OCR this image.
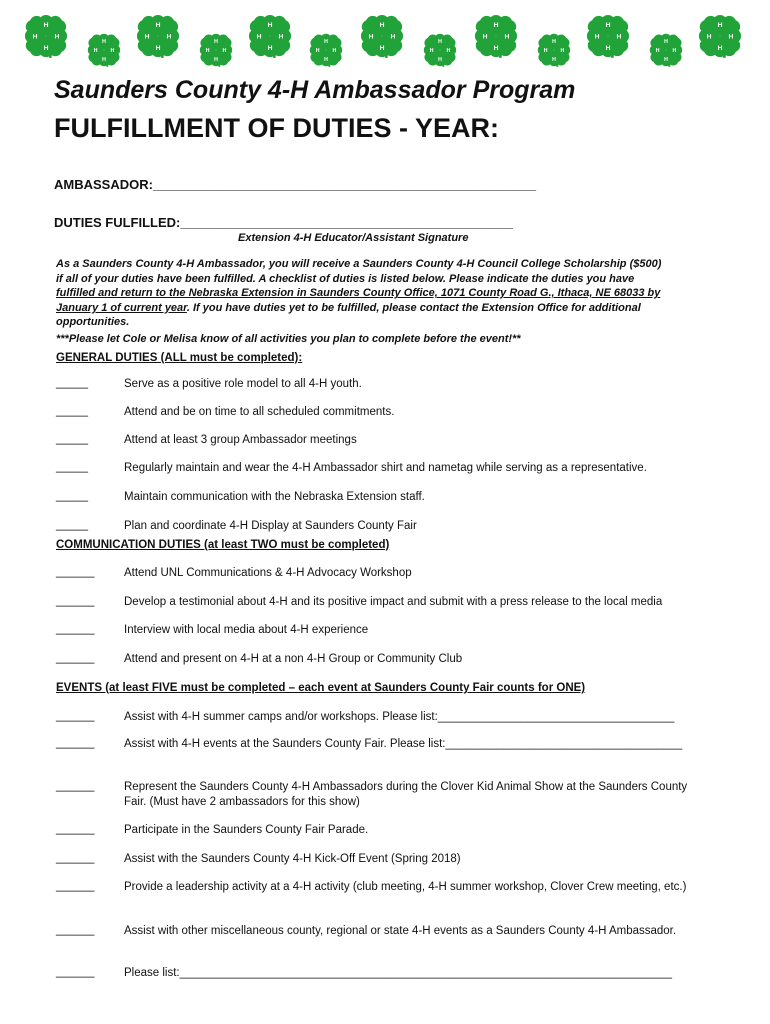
Saunders County 4-H Ambassador Program
FULFILLMENT OF DUTIES - YEAR:
AMBASSADOR:_____________________________________________________
DUTIES FULFILLED:______________________________________________
Extension 4-H Educator/Assistant Signature
As a Saunders County 4-H Ambassador, you will receive a Saunders County 4-H Council College Scholarship ($500) if all of your duties have been fulfilled. A checklist of duties is listed below. Please indicate the duties you have fulfilled and return to the Nebraska Extension in Saunders County Office, 1071 County Road G., Ithaca, NE 68033 by January 1 of current year. If you have duties yet to be fulfilled, please contact the Extension Office for additional opportunities.
***Please let Cole or Melisa know of all activities you plan to complete before the event!**
GENERAL DUTIES (ALL must be completed):
_____	Serve as a positive role model to all 4-H youth.
_____	Attend and be on time to all scheduled commitments.
_____	Attend at least 3 group Ambassador meetings
_____	Regularly maintain and wear the 4-H Ambassador shirt and nametag while serving as a representative.
_____	Maintain communication with the Nebraska Extension staff.
_____	Plan and coordinate 4-H Display at Saunders County Fair
COMMUNICATION DUTIES (at least TWO must be completed)
______	Attend UNL Communications & 4-H Advocacy Workshop
______	Develop a testimonial about 4-H and its positive impact and submit with a press release to the local media
______	Interview with local media about 4-H experience
______	Attend and present on 4-H at a non 4-H Group or Community Club
EVENTS (at least FIVE must be completed – each event at Saunders County Fair counts for ONE)
______	Assist with 4-H summer camps and/or workshops. Please list:_____________________________________
______	Assist with 4-H events at the Saunders County Fair. Please list:_____________________________________
______	Represent the Saunders County 4-H Ambassadors during the Clover Kid Animal Show at the Saunders County Fair. (Must have 2 ambassadors for this show)
______	Participate in the Saunders County Fair Parade.
______	Assist with the Saunders County 4-H Kick-Off Event (Spring 2018)
______	Provide a leadership activity at a 4-H activity (club meeting, 4-H summer workshop, Clover Crew meeting, etc.)
______	Assist with other miscellaneous county, regional or state 4-H events as a Saunders County 4-H Ambassador.
______	Please list:_____________________________________________________________________________
